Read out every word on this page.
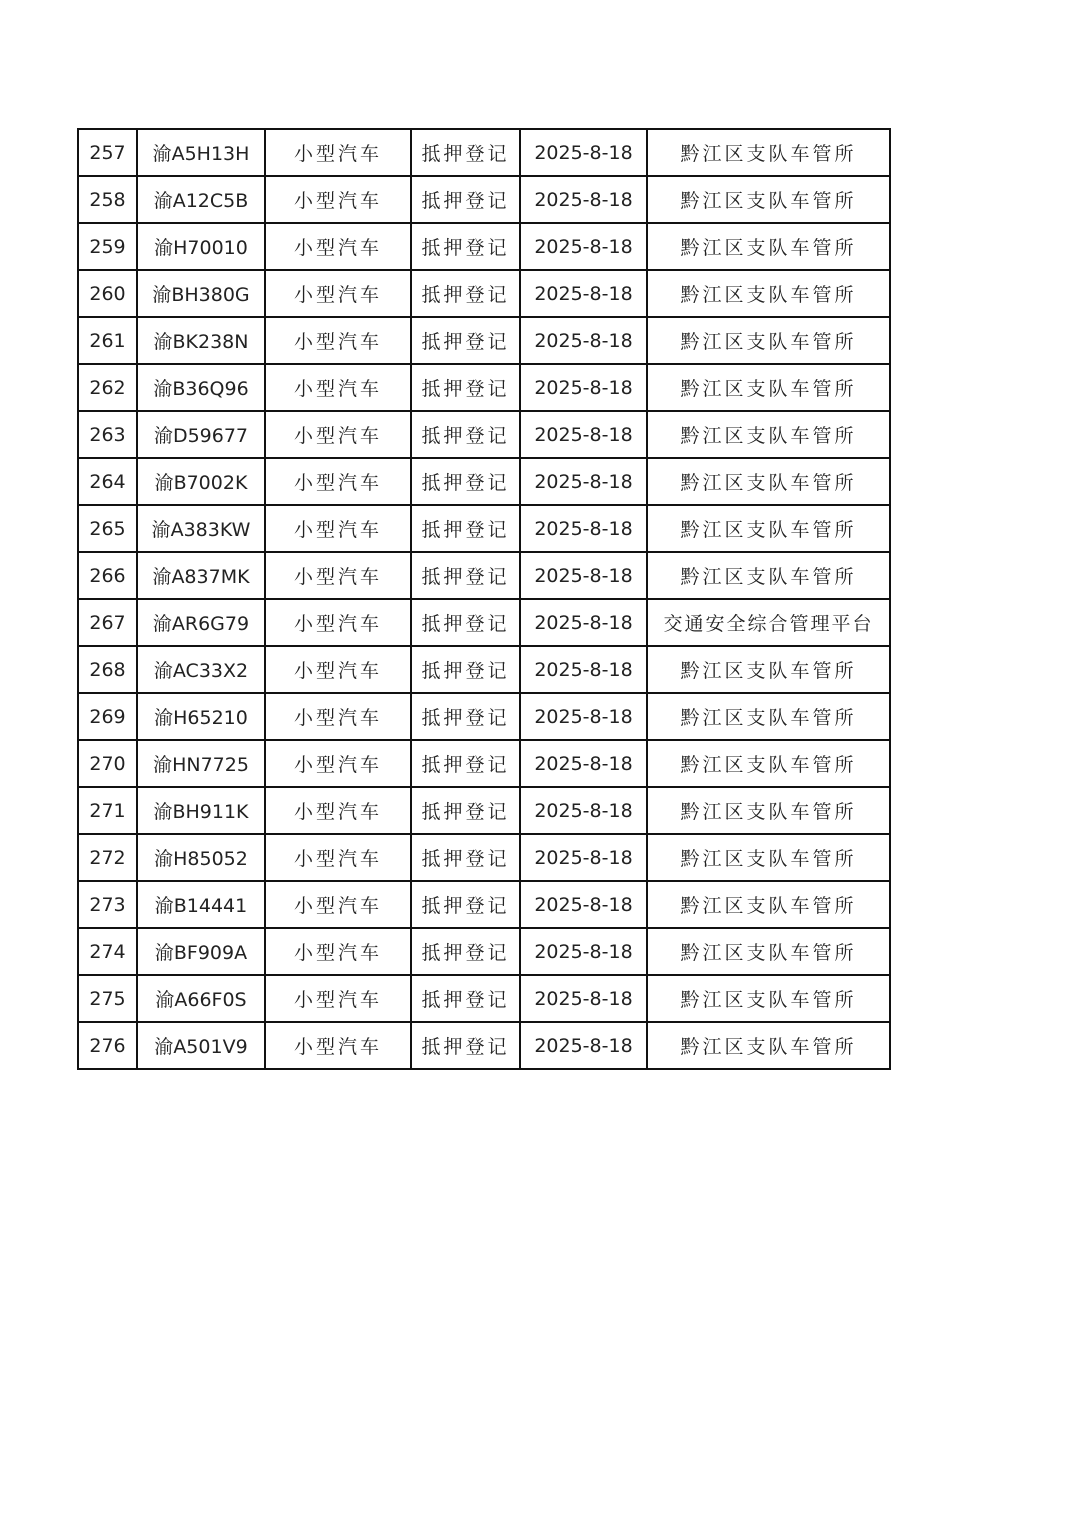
257	渝A5H13H	小型汽车	抵押登记	2025-8-18	黔江区支队车管所
258	渝A12C5B	小型汽车	抵押登记	2025-8-18	黔江区支队车管所
259	渝H70010	小型汽车	抵押登记	2025-8-18	黔江区支队车管所
260	渝BH380G	小型汽车	抵押登记	2025-8-18	黔江区支队车管所
261	渝BK238N	小型汽车	抵押登记	2025-8-18	黔江区支队车管所
262	渝B36Q96	小型汽车	抵押登记	2025-8-18	黔江区支队车管所
263	渝D59677	小型汽车	抵押登记	2025-8-18	黔江区支队车管所
264	渝B7002K	小型汽车	抵押登记	2025-8-18	黔江区支队车管所
265	渝A383KW	小型汽车	抵押登记	2025-8-18	黔江区支队车管所
266	渝A837MK	小型汽车	抵押登记	2025-8-18	黔江区支队车管所
267	渝AR6G79	小型汽车	抵押登记	2025-8-18	交通安全综合管理平台
268	渝AC33X2	小型汽车	抵押登记	2025-8-18	黔江区支队车管所
269	渝H65210	小型汽车	抵押登记	2025-8-18	黔江区支队车管所
270	渝HN7725	小型汽车	抵押登记	2025-8-18	黔江区支队车管所
271	渝BH911K	小型汽车	抵押登记	2025-8-18	黔江区支队车管所
272	渝H85052	小型汽车	抵押登记	2025-8-18	黔江区支队车管所
273	渝B14441	小型汽车	抵押登记	2025-8-18	黔江区支队车管所
274	渝BF909A	小型汽车	抵押登记	2025-8-18	黔江区支队车管所
275	渝A66F0S	小型汽车	抵押登记	2025-8-18	黔江区支队车管所
276	渝A501V9	小型汽车	抵押登记	2025-8-18	黔江区支队车管所
